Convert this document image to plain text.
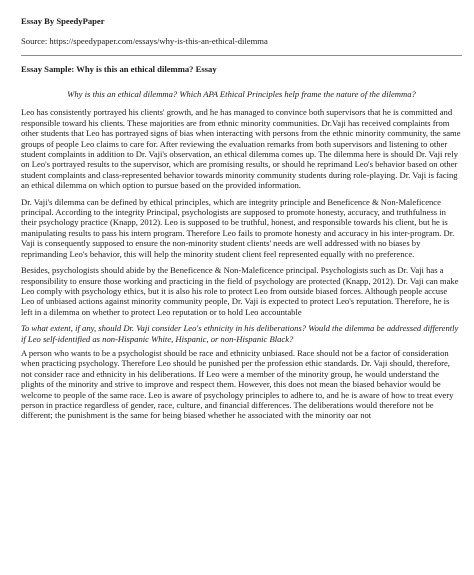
Essay By SpeedyPaper
Source: https://speedypaper.com/essays/why-is-this-an-ethical-dilemma
Essay Sample: Why is this an ethical dilemma? Essay

Why is this an ethical dilemma? Which APA Ethical Principles help frame the nature of the dilemma?

Leo has consistently portrayed his clients' growth, and he has managed to convince both supervisors that he is committed and responsible toward his clients. These majorities are from ethnic minority communities. Dr.Vaji has received complaints from other students that Leo has portrayed signs of bias when interacting with persons from the ethnic minority community, the same groups of people Leo claims to care for. After reviewing the evaluation remarks from both supervisors and listening to other student complaints in addition to Dr. Vaji's observation, an ethical dilemma comes up. The dilemma here is should Dr. Vaji rely on Leo's portrayed results to the supervisor, which are promising results, or should he reprimand Leo's behavior based on other student complaints and class-represented behavior towards minority community students during role-playing. Dr. Vaji is facing an ethical dilemma on which option to pursue based on the provided information.

Dr. Vaji's dilemma can be defined by ethical principles, which are integrity principle and Beneficence & Non-Maleficence principal. According to the integrity Principal, psychologists are supposed to promote honesty, accuracy, and truthfulness in their psychology practice (Knapp, 2012). Leo is supposed to be truthful, honest, and responsible towards his client, but he is manipulating results to pass his intern program. Therefore Leo fails to promote honesty and accuracy in his inter-program. Dr. Vaji is consequently supposed to ensure the non-minority student clients' needs are well addressed with no biases by reprimanding Leo's behavior, this will help the minority student client feel represented equally with no preference.

Besides, psychologists should abide by the Beneficence & Non-Maleficence principal. Psychologists such as Dr. Vaji has a responsibility to ensure those working and practicing in the field of psychology are protected (Knapp, 2012). Dr. Vaji can make Leo comply with psychology ethics, but it is also his role to protect Leo from outside biased forces. Although people accuse Leo of unbiased actions against minority community people, Dr. Vaji is expected to protect Leo's reputation. Therefore, he is left in a dilemma on whether to protect Leo reputation or to hold Leo accountable

To what extent, if any, should Dr. Vaji consider Leo's ethnicity in his deliberations? Would the dilemma be addressed differently if Leo self-identified as non-Hispanic White, Hispanic, or non-Hispanic Black?

A person who wants to be a psychologist should be race and ethnicity unbiased. Race should not be a factor of consideration when practicing psychology. Therefore Leo should be punished per the profession ethic standards. Dr. Vaji should, therefore, not consider race and ethnicity in his deliberations. If Leo were a member of the minority group, he would understand the plights of the minority and strive to improve and respect them. However, this does not mean the biased behavior would be welcome to people of the same race. Leo is aware of psychology principles to adhere to, and he is aware of how to treat every person in practice regardless of gender, race, culture, and financial differences. The deliberations would therefore not be different; the punishment is the same for being biased whether he associated with the minority oar not
